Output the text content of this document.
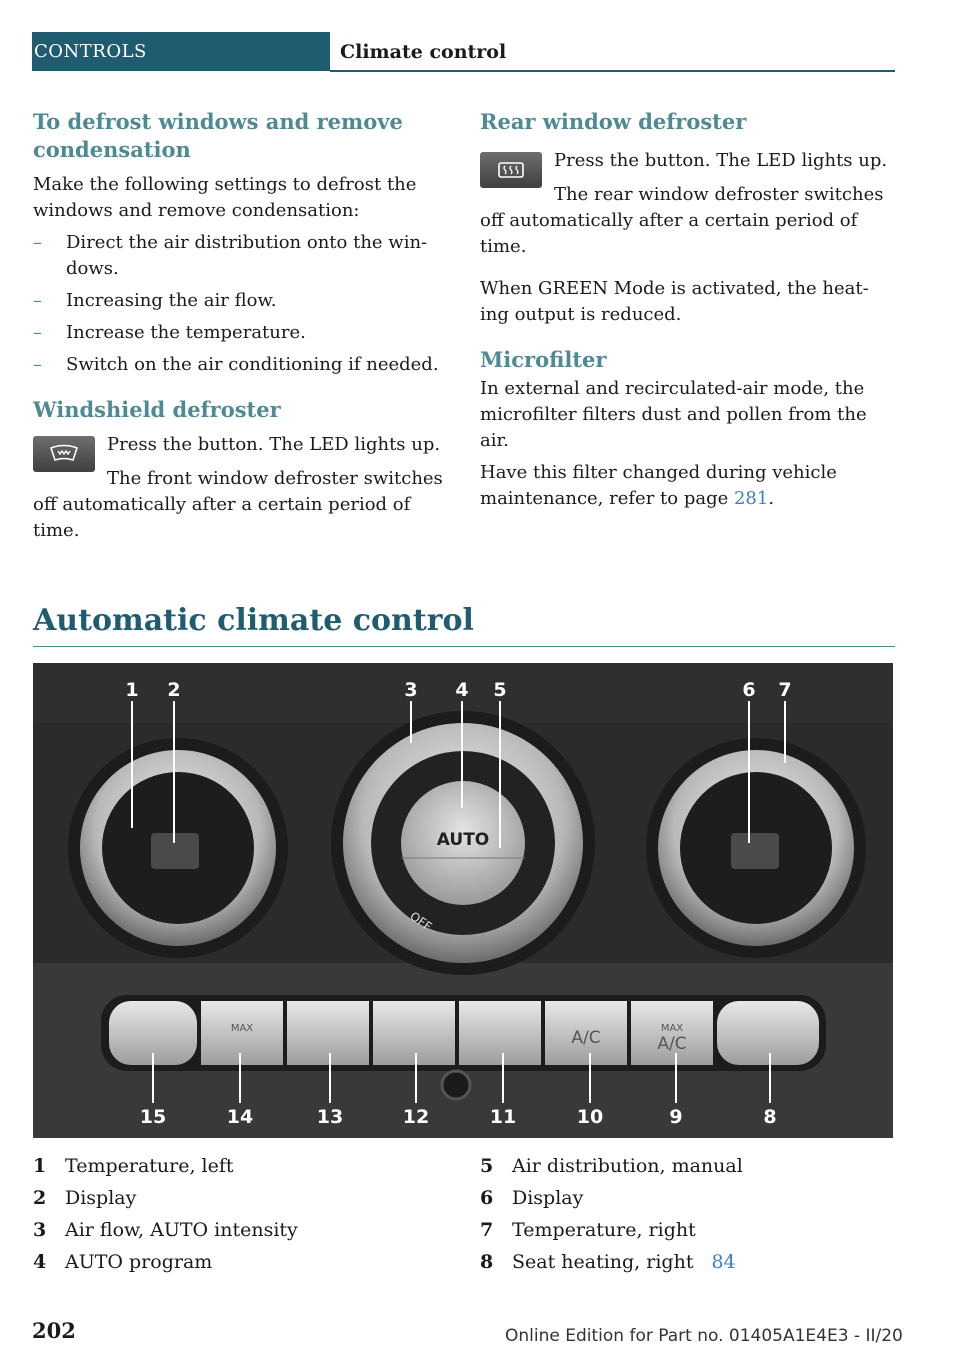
CONTROLS	Climate control
To defrost windows and remove condensation

Make the following settings to defrost the windows and remove condensation:

– Direct the air distribution onto the win‐ dows.
– Increasing the air flow.
– Increase the temperature.
– Switch on the air conditioning if needed.
Windshield defroster

Press the button. The LED lights up.

The front window defroster switches off automatically after a certain period of time.

Rear window defroster

Press the button. The LED lights up.

The rear window defroster switches off automatically after a certain period of time.

When GREEN Mode is activated, the heat‐ ing output is reduced.

Microfilter

In external and recirculated-air mode, the microfilter filters dust and pollen from the air.

Have this filter changed during vehicle maintenance, refer to page 281.

Automatic climate control
AUTO
OFF
MAX	MAX
A/C	A/C
1 2	3 4 5	6 7
15	14	13	12	11	10	9	8
1 Temperature, left
2 Display
3 Air flow, AUTO intensity
4 AUTO program
5 Air distribution, manual
6 Display
7 Temperature, right
8 Seat heating, right 84
202	Online Edition for Part no. 01405A1E4E3 - II/20
